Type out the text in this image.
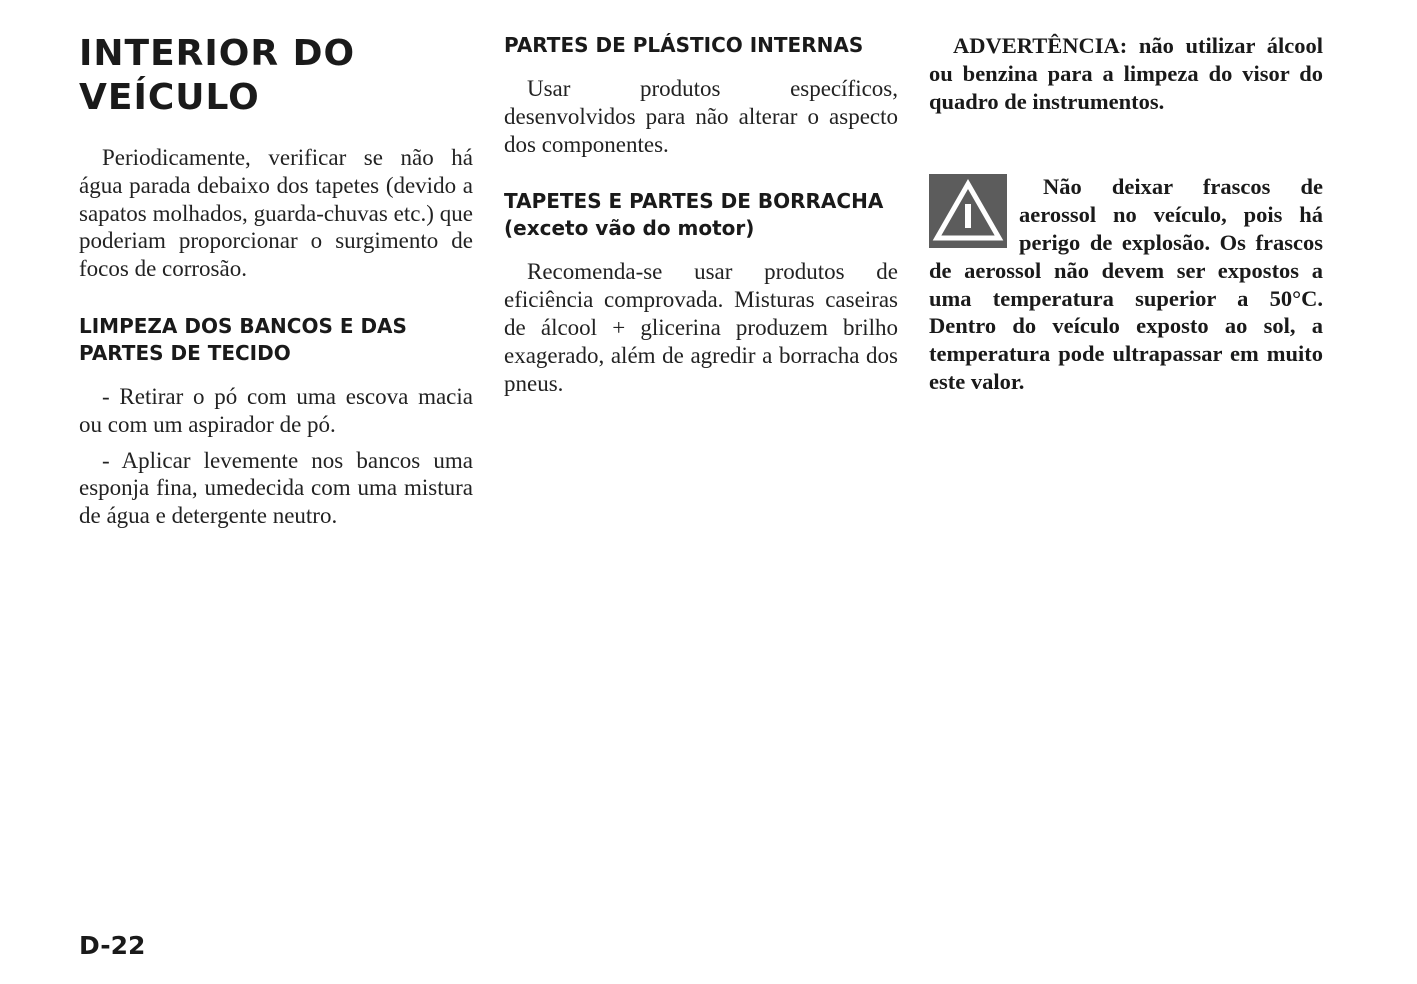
INTERIOR DO
VEÍCULO

Periodicamente, verificar se não há água parada debaixo dos tapetes (devido a sapatos molhados, guarda-chuvas etc.) que poderiam proporcionar o surgimento de focos de corrosão.

LIMPEZA DOS BANCOS E DAS
PARTES DE TECIDO

- Retirar o pó com uma escova macia ou com um aspirador de pó.

- Aplicar levemente nos bancos uma esponja fina, umedecida com uma mistura de água e detergente neutro.

PARTES DE PLÁSTICO INTERNAS

Usar produtos específicos, desenvolvidos para não alterar o aspecto dos componentes.

TAPETES E PARTES DE BORRACHA
(exceto vão do motor)

Recomenda-se usar produtos de eficiência comprovada. Misturas caseiras de álcool + glicerina produzem brilho exagerado, além de agredir a borracha dos pneus.

ADVERTÊNCIA: não utilizar álcool ou benzina para a limpeza do visor do quadro de instrumentos.

Não deixar frascos de aerossol no veículo, pois há perigo de explosão. Os frascos de aerossol não devem ser expostos a uma temperatura superior a 50°C. Dentro do veículo exposto ao sol, a temperatura pode ultrapassar em muito este valor.

D-22
